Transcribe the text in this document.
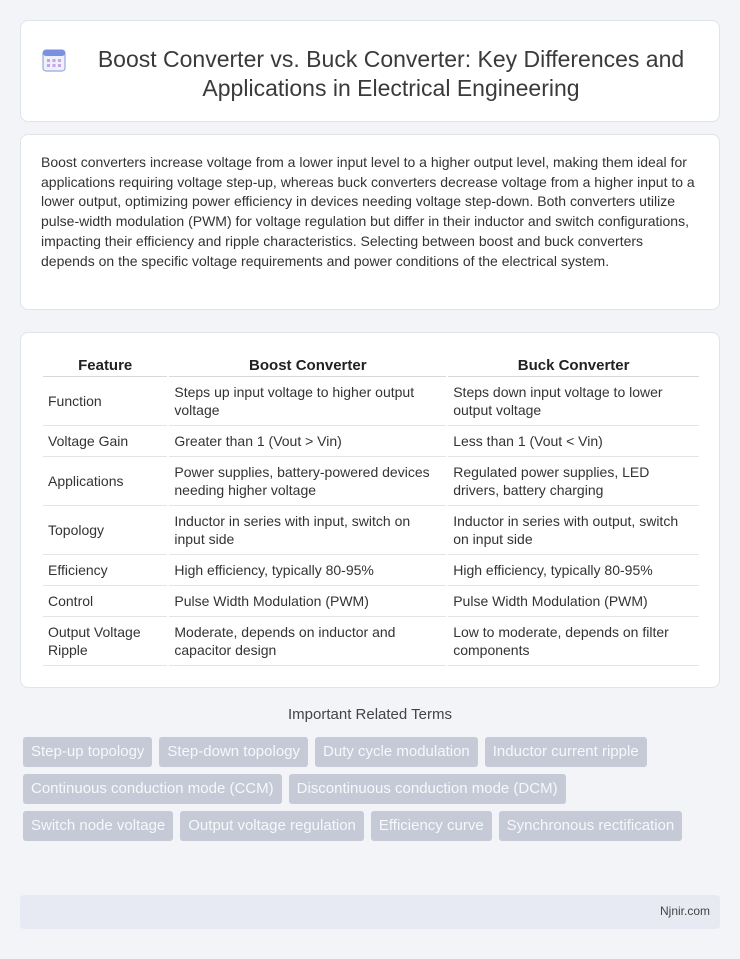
Boost Converter vs. Buck Converter: Key Differences and Applications in Electrical Engineering

Boost converters increase voltage from a lower input level to a higher output level, making them ideal for applications requiring voltage step-up, whereas buck converters decrease voltage from a higher input to a lower output, optimizing power efficiency in devices needing voltage step-down. Both converters utilize pulse-width modulation (PWM) for voltage regulation but differ in their inductor and switch configurations, impacting their efficiency and ripple characteristics. Selecting between boost and buck converters depends on the specific voltage requirements and power conditions of the electrical system.

Feature	Boost Converter	Buck Converter
Function	Steps up input voltage to higher output voltage	Steps down input voltage to lower output voltage
Voltage Gain	Greater than 1 (Vout > Vin)	Less than 1 (Vout < Vin)
Applications	Power supplies, battery-powered devices needing higher voltage	Regulated power supplies, LED drivers, battery charging
Topology	Inductor in series with input, switch on input side	Inductor in series with output, switch on input side
Efficiency	High efficiency, typically 80-95%	High efficiency, typically 80-95%
Control	Pulse Width Modulation (PWM)	Pulse Width Modulation (PWM)
Output Voltage Ripple	Moderate, depends on inductor and capacitor design	Low to moderate, depends on filter components
Important Related Terms
Step-up topology	Step-down topology	Duty cycle modulation	Inductor current ripple
Continuous conduction mode (CCM)	Discontinuous conduction mode (DCM)
Switch node voltage	Output voltage regulation	Efficiency curve	Synchronous rectification
Njnir.com
